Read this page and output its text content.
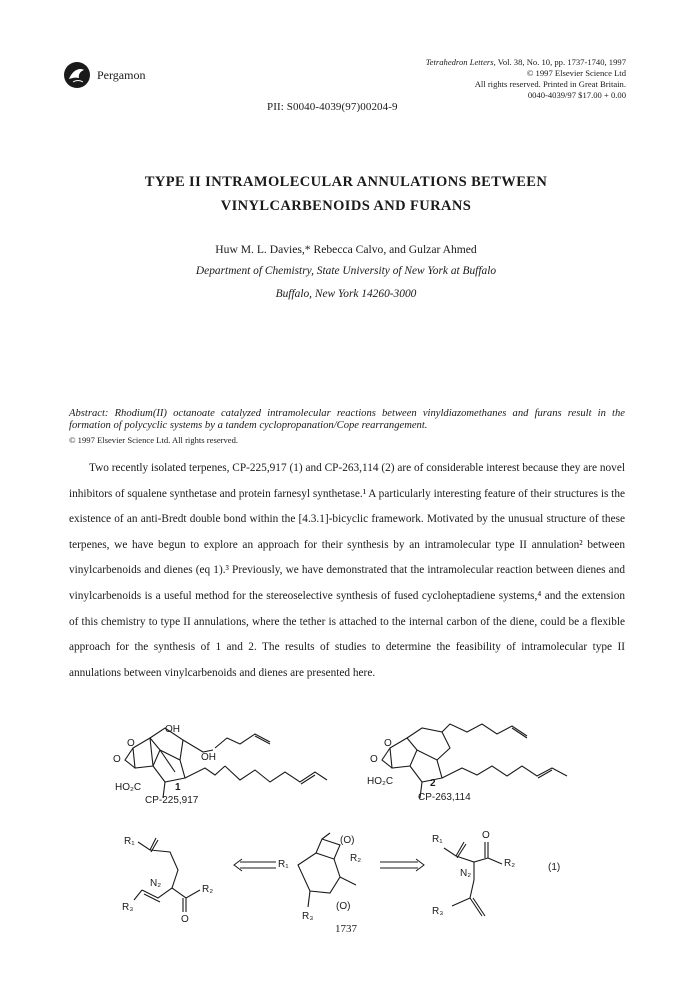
Pergamon
Tetrahedron Letters, Vol. 38, No. 10, pp. 1737-1740, 1997
© 1997 Elsevier Science Ltd
All rights reserved. Printed in Great Britain.
0040-4039/97 $17.00 + 0.00
PII: S0040-4039(97)00204-9
TYPE II INTRAMOLECULAR ANNULATIONS BETWEEN
VINYLCARBENOIDS AND FURANS
Huw M. L. Davies,* Rebecca Calvo, and Gulzar Ahmed
Department of Chemistry, State University of New York at Buffalo
Buffalo, New York 14260-3000
Abstract: Rhodium(II) octanoate catalyzed intramolecular reactions between vinyldiazomethanes and furans result in the formation of polycyclic systems by a tandem cyclopropanation/Cope rearrangement.
© 1997 Elsevier Science Ltd. All rights reserved.

Two recently isolated terpenes, CP-225,917 (1) and CP-263,114 (2) are of considerable interest because they are novel inhibitors of squalene synthetase and protein farnesyl synthetase.¹ A particularly interesting feature of their structures is the existence of an anti-Bredt double bond within the [4.3.1]-bicyclic framework. Motivated by the unusual structure of these terpenes, we have begun to explore an approach for their synthesis by an intramolecular type II annulation² between vinylcarbenoids and dienes (eq 1).³ Previously, we have demonstrated that the intramolecular reaction between dienes and vinylcarbenoids is a useful method for the stereoselective synthesis of fused cycloheptadiene systems,⁴ and the extension of this chemistry to type II annulations, where the tether is attached to the internal carbon of the diene, could be a flexible approach for the synthesis of 1 and 2. The results of studies to determine the feasibility of intramolecular type II annulations between vinylcarbenoids and dienes are presented here.

O
OH
OH
O
HO₂C	1
CP-225,917
O
O
HO₂C	2
CP-263,114
R₁
N₂
R₂
R₃
O
(O)
R₁
R₂
R₃
(O)
R₁	O
R₂
N₂
R₃
(1)
1737
